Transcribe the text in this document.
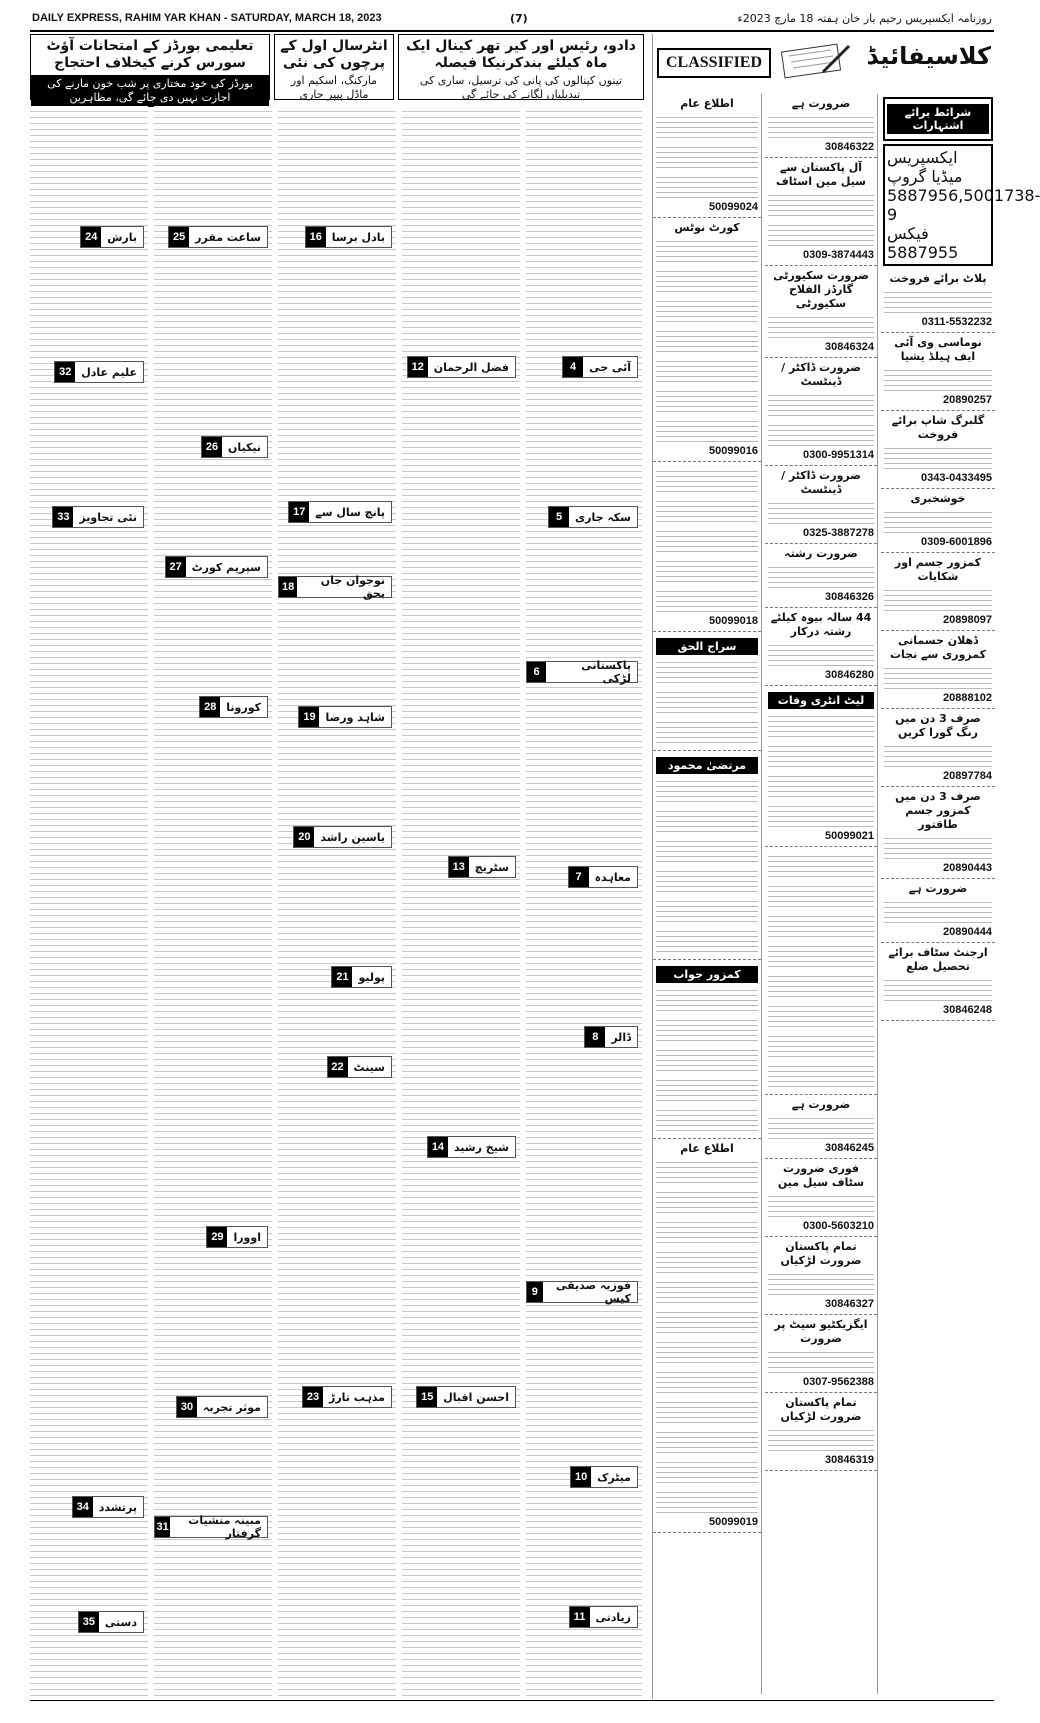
DAILY EXPRESS, RAHIM YAR KHAN - SATURDAY, MARCH 18, 2023	(7)	روزنامہ ایکسپریس رحیم یار خان ہفتہ 18 مارچ 2023ء
تعلیمی بورڈز کے امتحانات آؤٹ سورس کرنے کیخلاف احتجاج
بورڈز کی خود مختاری پر شب خون مارنے کی اجازت نہیں دی جائے گی، مظاہرین
انٹرسال اول کے پرچوں کی نئی
مارکنگ، اسکیم اور ماڈل پیپر جاری
دادو، رئیس اور کیر تھر کینال ایک ماہ کیلئے بندکرنیکا فیصلہ
تینوں کینالوں کی پانی کی ترسیل، ساری کی تبدیلیاں لگانے کی جائے گی
بارش
24
علیم عادل
32
نئی تجاویز
33
پرتشدد
34
دستی
35
ساعت مقرر
25
نیکیاں
26
سپریم کورٹ
27
کورونا
28
اوورا
29
موثر تجربہ
30
مبینہ منشیات گرفتار
31
بادل برسا
16
پانچ سال سے
17
نوجوان جاں بحق
18
شاہد ورضا
19
یاسین راشد
20
پولیو
21
سینٹ
22
مذہب تارڑ
23
فضل الرحمان
12
سٹریچ
13
شیخ رشید
14
احسن اقبال
15
آئی جی
4
سکہ جاری
5
پاکستانی لڑکی
6
معاہدہ
7
ڈالر
8
فوزیہ صدیقی کیس
9
میٹرک
10
زیادتی
11
CLASSIFIED	کلاسیفائیڈ
اطلاع عام
50099024
کورٹ نوٹس
50099016
50099018
سراج الحق
مرتضیٰ محمود
کمزور جواب
اطلاع عام
50099019
ضرورت ہے
30846322
آل پاکستان سے سیل مین اسٹاف
0309-3874443
ضرورت سکیورٹی گارڈز الفلاح سکیورٹی
30846324
ضرورت ڈاکٹر / ڈینٹسٹ
0300-9951314
ضرورت ڈاکٹر / ڈینٹسٹ
0325-3887278
ضرورت رشتہ
30846326
44 سالہ بیوہ کیلئے رشتہ درکار
30846280
لیٹ انٹری وفات
50099021
ضرورت ہے
30846245
فوری ضرورت سٹاف سیل مین
0300-5603210
تمام پاکستان ضرورت لڑکیاں
30846327
ایگزیکٹیو سیٹ پر ضرورت
0307-9562388
تمام پاکستان ضرورت لڑکیاں
30846319
شرائط برائے اشتہارات
ایکسپریس میڈیا گروپ
5887956,5001738-9
فیکس
5887955
پلاٹ برائے فروخت
0311-5532232
نوماسی وی آئی ایف ہیلڈ یشیا
20890257
گلبرگ شاپ برائے فروخت
0343-0433495
خوشخبری
0309-6001896
کمزور جسم اور شکایات
20898097
ڈھلان جسمانی کمزوری سے نجات
20888102
صرف 3 دن میں رنگ گورا کریں
20897784
صرف 3 دن میں کمزور جسم طاقتور
20890443
ضرورت ہے
20890444
ارجنٹ سٹاف برائے تحصیل ضلع
30846248
